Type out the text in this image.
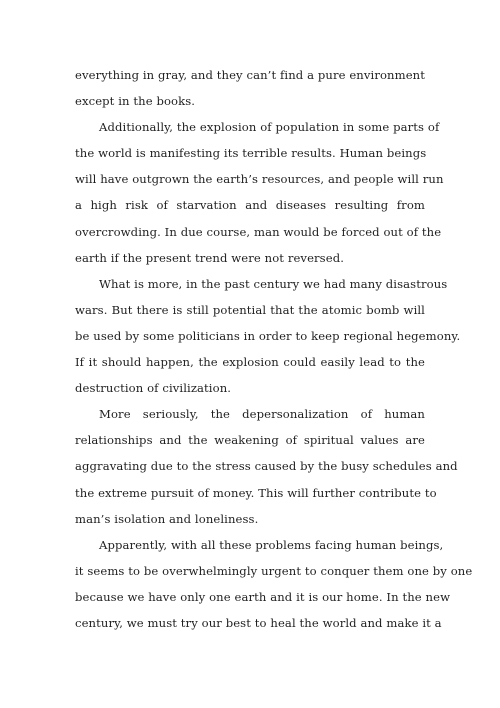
everything in gray, and they can’t find a pure environment
except in the books.

Additionally, the explosion of population in some parts of
the world is manifesting its terrible results. Human beings
will have outgrown the earth’s resources, and people will run
a high risk of starvation and diseases resulting from
overcrowding. In due course, man would be forced out of the
earth if the present trend were not reversed.

What is more, in the past century we had many disastrous
wars. But there is still potential that the atomic bomb will
be used by some politicians in order to keep regional hegemony.
If it should happen, the explosion could easily lead to the
destruction of civilization.

More seriously, the depersonalization of human
relationships and the weakening of spiritual values are
aggravating due to the stress caused by the busy schedules and
the extreme pursuit of money. This will further contribute to
man’s isolation and loneliness.

Apparently, with all these problems facing human beings,
it seems to be overwhelmingly urgent to conquer them one by one
because we have only one earth and it is our home. In the new
century, we must try our best to heal the world and make it a
